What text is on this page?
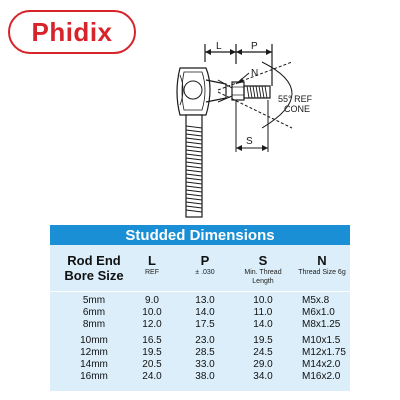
Phidix	L	P
N
S
55° REF
CONE
Studded Dimensions
Rod End
Bore Size
L
REF
P
± .030
S
Min. Thread Length
N
Thread Size 6g
5mm	9.0	13.0	10.0	M5x.8
6mm	10.0	14.0	11.0	M6x1.0
8mm	12.0	17.5	14.0	M8x1.25
10mm	16.5	23.0	19.5	M10x1.5
12mm	19.5	28.5	24.5	M12x1.75
14mm	20.5	33.0	29.0	M14x2.0
16mm	24.0	38.0	34.0	M16x2.0
